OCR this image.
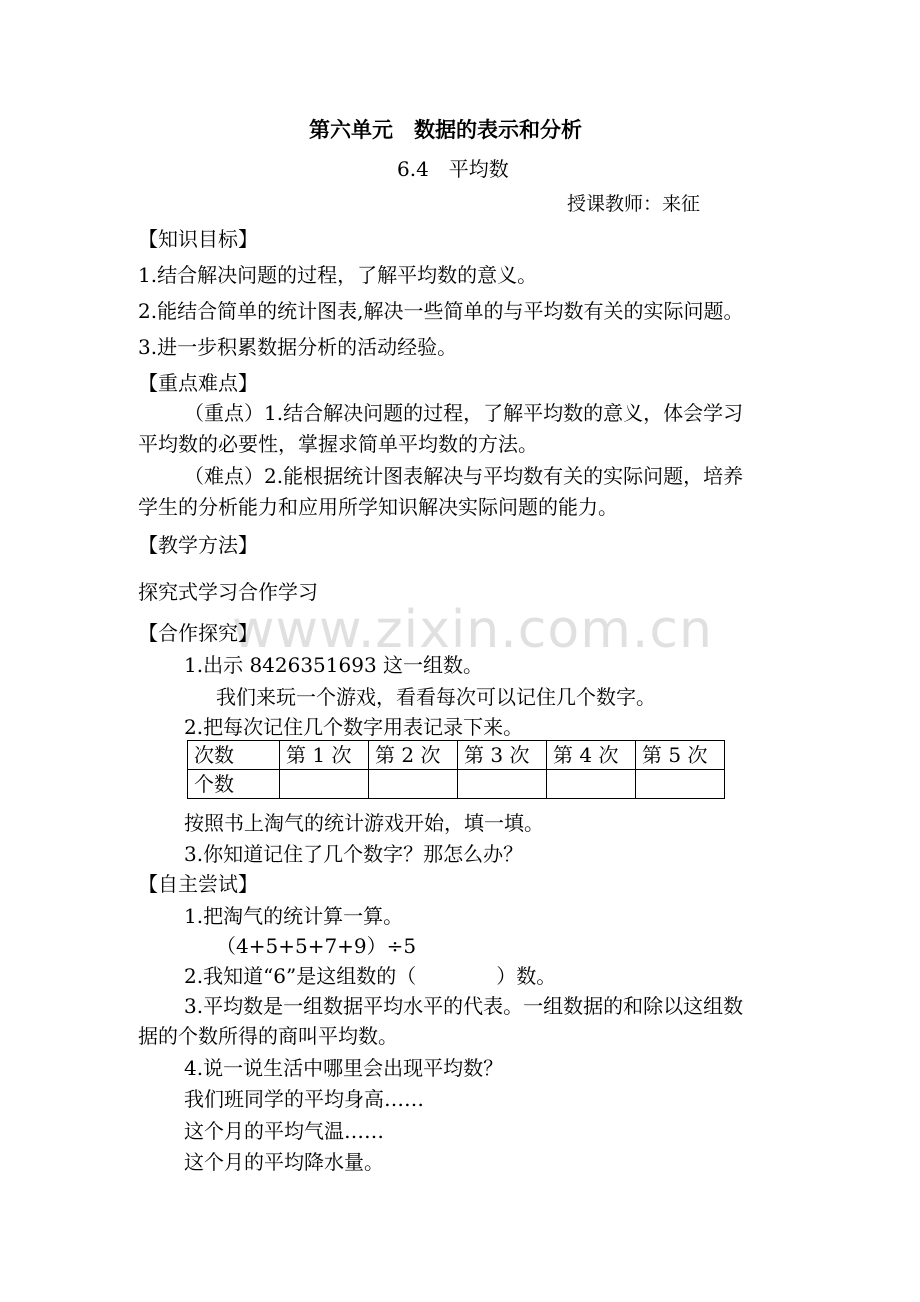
www.zixin.com.cn
第六单元　数据的表示和分析
6.4　平均数
授课教师：来征
【知识目标】
1.结合解决问题的过程，了解平均数的意义。
2.能结合简单的统计图表,解决一些简单的与平均数有关的实际问题。
3.进一步积累数据分析的活动经验。
【重点难点】
（重点）1.结合解决问题的过程，了解平均数的意义，体会学习
平均数的必要性，掌握求简单平均数的方法。
（难点）2.能根据统计图表解决与平均数有关的实际问题，培养
学生的分析能力和应用所学知识解决实际问题的能力。
【教学方法】
探究式学习合作学习
【合作探究】
1.出示 8426351693 这一组数。
我们来玩一个游戏，看看每次可以记住几个数字。
2.把每次记住几个数字用表记录下来。
次数	第 1 次	第 2 次	第 3 次	第 4 次	第 5 次
个数					
按照书上淘气的统计游戏开始，填一填。
3.你知道记住了几个数字？那怎么办？
【自主尝试】
1.把淘气的统计算一算。
（4+5+5+7+9）÷5
2.我知道“6”是这组数的（　　　　）数。
3.平均数是一组数据平均水平的代表。一组数据的和除以这组数
据的个数所得的商叫平均数。
4.说一说生活中哪里会出现平均数？
我们班同学的平均身高……
这个月的平均气温……
这个月的平均降水量。
